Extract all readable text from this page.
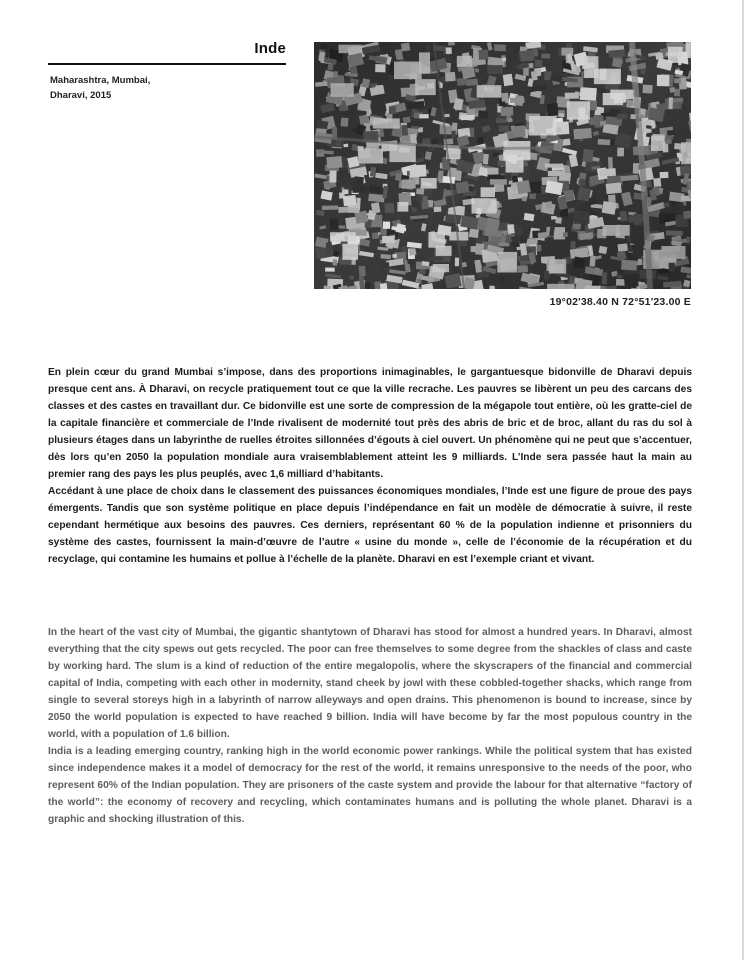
Inde
Maharashtra, Mumbai,
Dharavi, 2015
19°02'38.40 N 72°51'23.00 E

En plein cœur du grand Mumbai s’impose, dans des proportions inimaginables, le gargantuesque bidonville de Dharavi depuis presque cent ans. À Dharavi, on recycle pratiquement tout ce que la ville recrache. Les pauvres se libèrent un peu des carcans des classes et des castes en travaillant dur. Ce bidonville est une sorte de compression de la mégapole tout entière, où les gratte-ciel de la capitale financière et commerciale de l’Inde rivalisent de modernité tout près des abris de bric et de broc, allant du ras du sol à plusieurs étages dans un labyrinthe de ruelles étroites sillonnées d’égouts à ciel ouvert. Un phénomène qui ne peut que s’accentuer, dès lors qu’en 2050 la population mondiale aura vraisemblablement atteint les 9 milliards. L’Inde sera passée haut la main au premier rang des pays les plus peuplés, avec 1,6 milliard d’habitants.

Accédant à une place de choix dans le classement des puissances économiques mondiales, l’Inde est une figure de proue des pays émergents. Tandis que son système politique en place depuis l’indépendance en fait un modèle de démocratie à suivre, il reste cependant hermétique aux besoins des pauvres. Ces derniers, représentant 60 % de la population indienne et prisonniers du système des castes, fournissent la main-d’œuvre de l’autre « usine du monde », celle de l’économie de la récupération et du recyclage, qui contamine les humains et pollue à l’échelle de la planète. Dharavi en est l’exemple criant et vivant.

In the heart of the vast city of Mumbai, the gigantic shantytown of Dharavi has stood for almost a hundred years. In Dharavi, almost everything that the city spews out gets recycled. The poor can free themselves to some degree from the shackles of class and caste by working hard. The slum is a kind of reduction of the entire megalopolis, where the skyscrapers of the financial and commercial capital of India, competing with each other in modernity, stand cheek by jowl with these cobbled-together shacks, which range from single to several storeys high in a labyrinth of narrow alleyways and open drains. This phenomenon is bound to increase, since by 2050 the world population is expected to have reached 9 billion. India will have become by far the most populous country in the world, with a population of 1.6 billion.

India is a leading emerging country, ranking high in the world economic power rankings. While the political system that has existed since independence makes it a model of democracy for the rest of the world, it remains unresponsive to the needs of the poor, who represent 60% of the Indian population. They are prisoners of the caste system and provide the labour for that alternative “factory of the world”: the economy of recovery and recycling, which contaminates humans and is polluting the whole planet. Dharavi is a graphic and shocking illustration of this.
